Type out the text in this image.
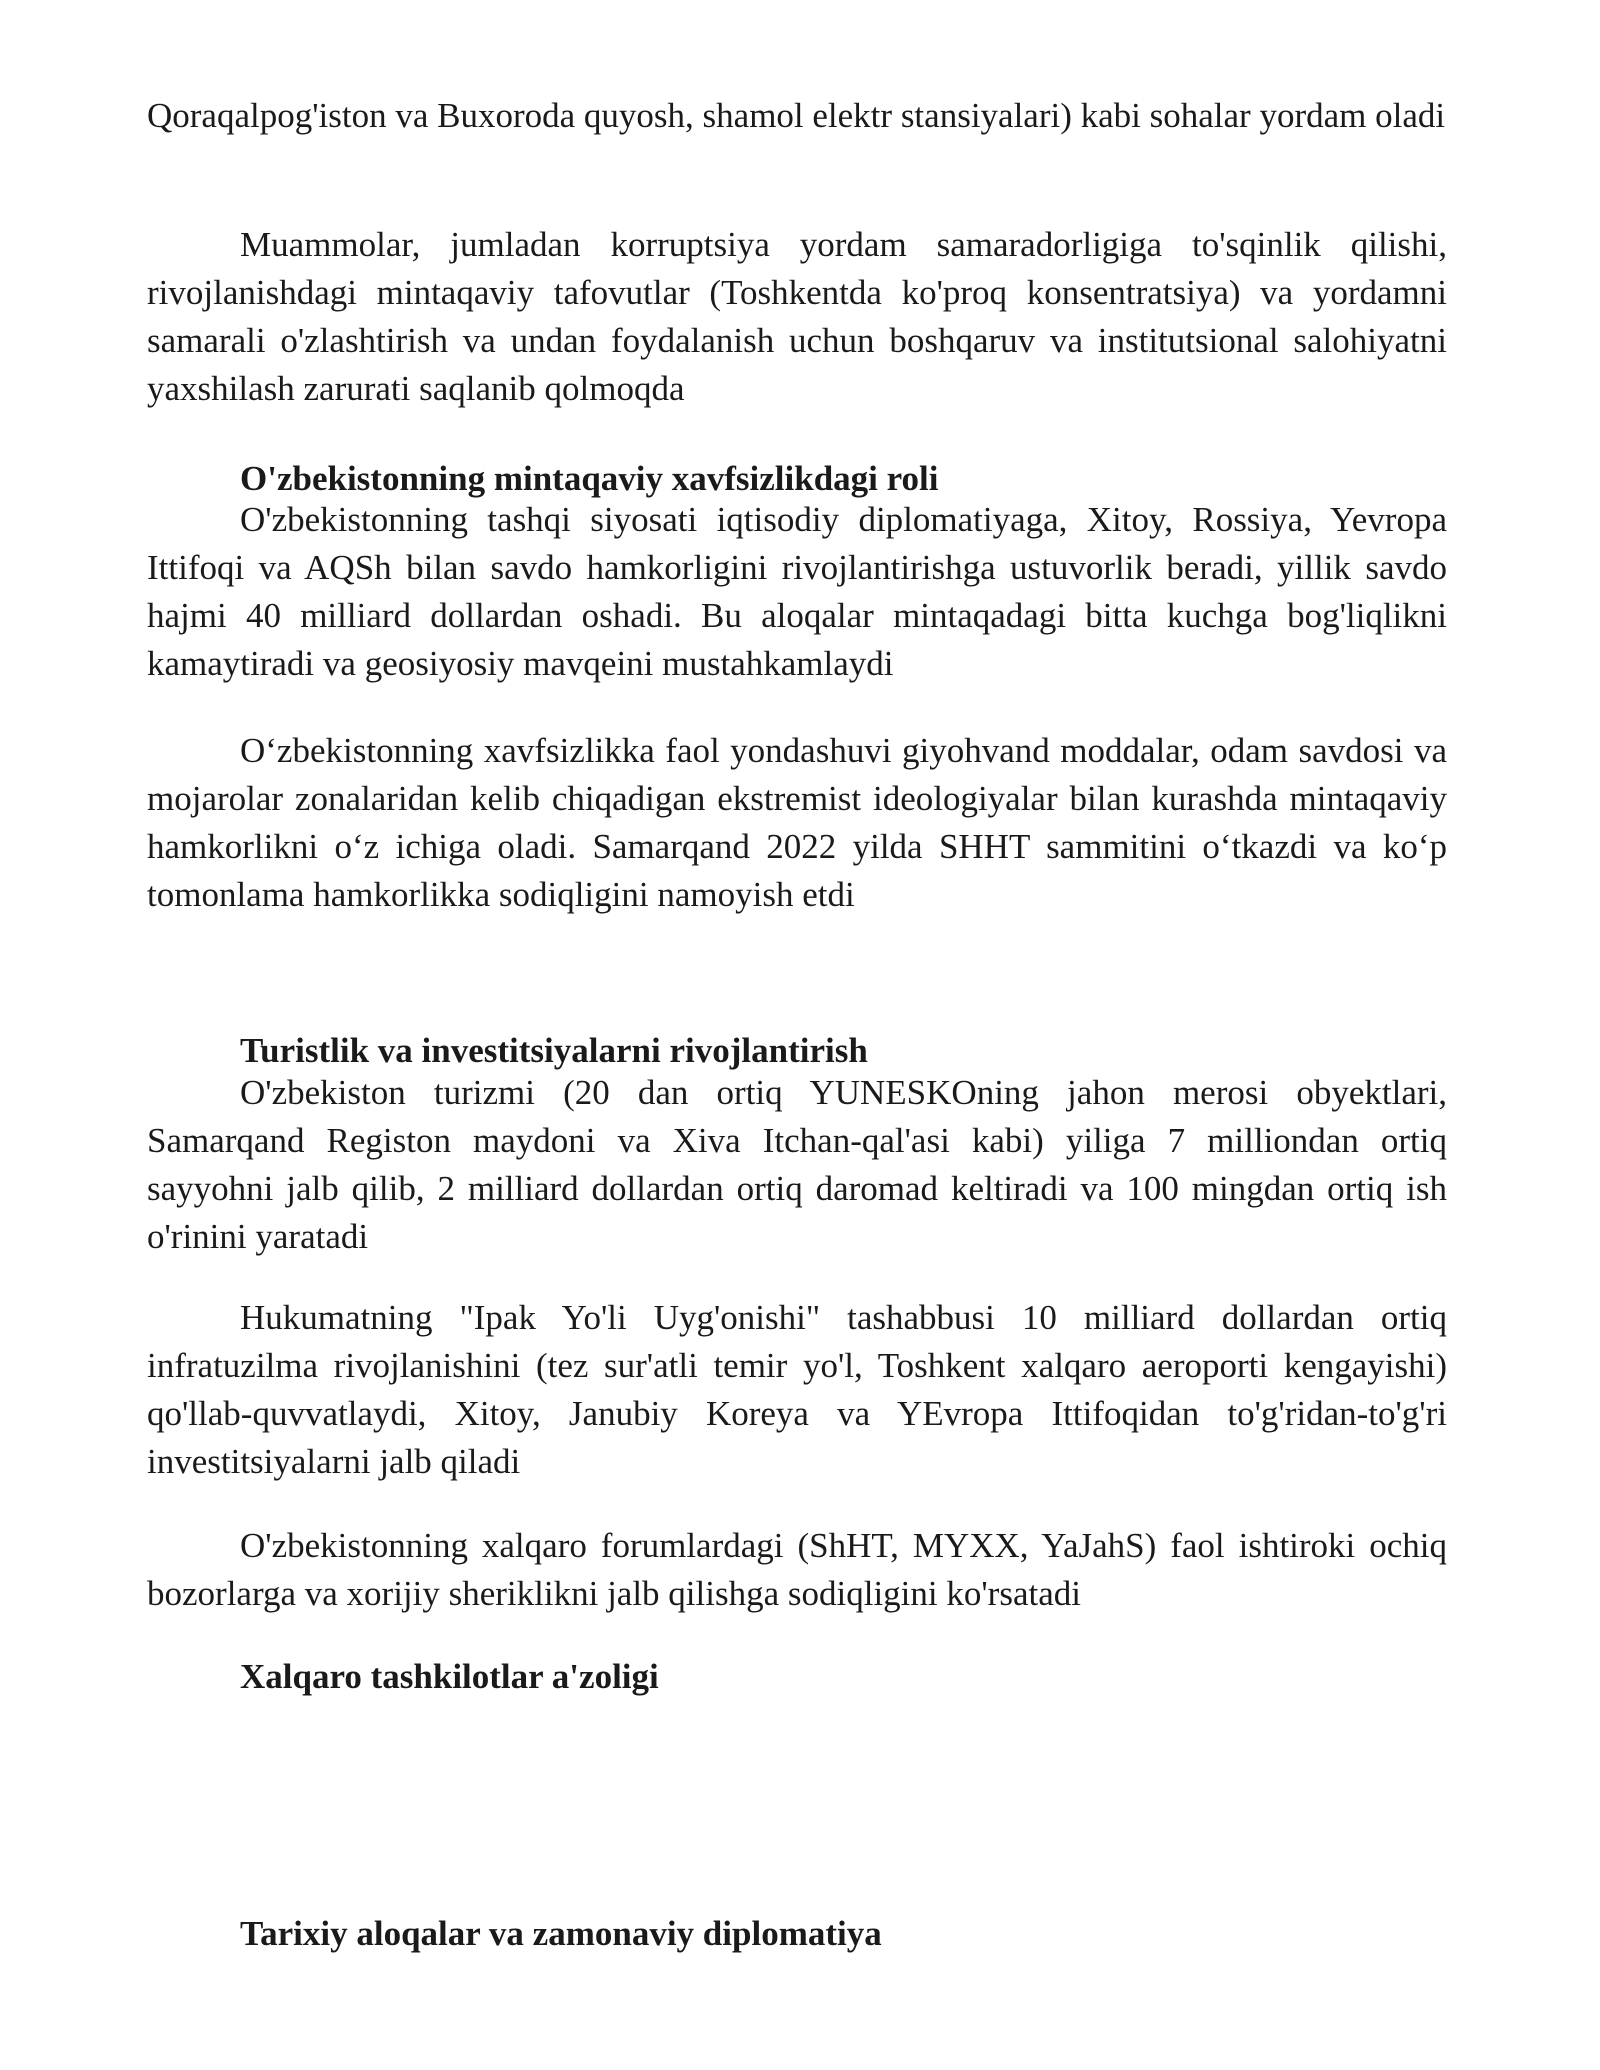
Qoraqalpog'iston va Buxoroda quyosh, shamol elektr stansiyalari) kabi sohalar yordam oladi

Muammolar, jumladan korruptsiya yordam samaradorligiga to'sqinlik qilishi, rivojlanishdagi mintaqaviy tafovutlar (Toshkentda ko'proq konsentratsiya) va yordamni samarali o'zlashtirish va undan foydalanish uchun boshqaruv va institutsional salohiyatni yaxshilash zarurati saqlanib qolmoqda

O'zbekistonning mintaqaviy xavfsizlikdagi roli

O'zbekistonning tashqi siyosati iqtisodiy diplomatiyaga, Xitoy, Rossiya, Yevropa Ittifoqi va AQSh bilan savdo hamkorligini rivojlantirishga ustuvorlik beradi, yillik savdo hajmi 40 milliard dollardan oshadi. Bu aloqalar mintaqadagi bitta kuchga bog'liqlikni kamaytiradi va geosiyosiy mavqeini mustahkamlaydi

O‘zbekistonning xavfsizlikka faol yondashuvi giyohvand moddalar, odam savdosi va mojarolar zonalaridan kelib chiqadigan ekstremist ideologiyalar bilan kurashda mintaqaviy hamkorlikni o‘z ichiga oladi. Samarqand 2022 yilda SHHT sammitini o‘tkazdi va ko‘p tomonlama hamkorlikka sodiqligini namoyish etdi

Turistlik va investitsiyalarni rivojlantirish

O'zbekiston turizmi (20 dan ortiq YUNESKOning jahon merosi obyektlari, Samarqand Registon maydoni va Xiva Itchan-qal'asi kabi) yiliga 7 milliondan ortiq sayyohni jalb qilib, 2 milliard dollardan ortiq daromad keltiradi va 100 mingdan ortiq ish o'rinini yaratadi

Hukumatning "Ipak Yo'li Uyg'onishi" tashabbusi 10 milliard dollardan ortiq infratuzilma rivojlanishini (tez sur'atli temir yo'l, Toshkent xalqaro aeroporti kengayishi) qo'llab-quvvatlaydi, Xitoy, Janubiy Koreya va YEvropa Ittifoqidan to'g'ridan-to'g'ri investitsiyalarni jalb qiladi

O'zbekistonning xalqaro forumlardagi (ShHT, MYXX, YaJahS) faol ishtiroki ochiq bozorlarga va xorijiy sheriklikni jalb qilishga sodiqligini ko'rsatadi

Xalqaro tashkilotlar a'zoligi
Tarixiy aloqalar va zamonaviy diplomatiya
